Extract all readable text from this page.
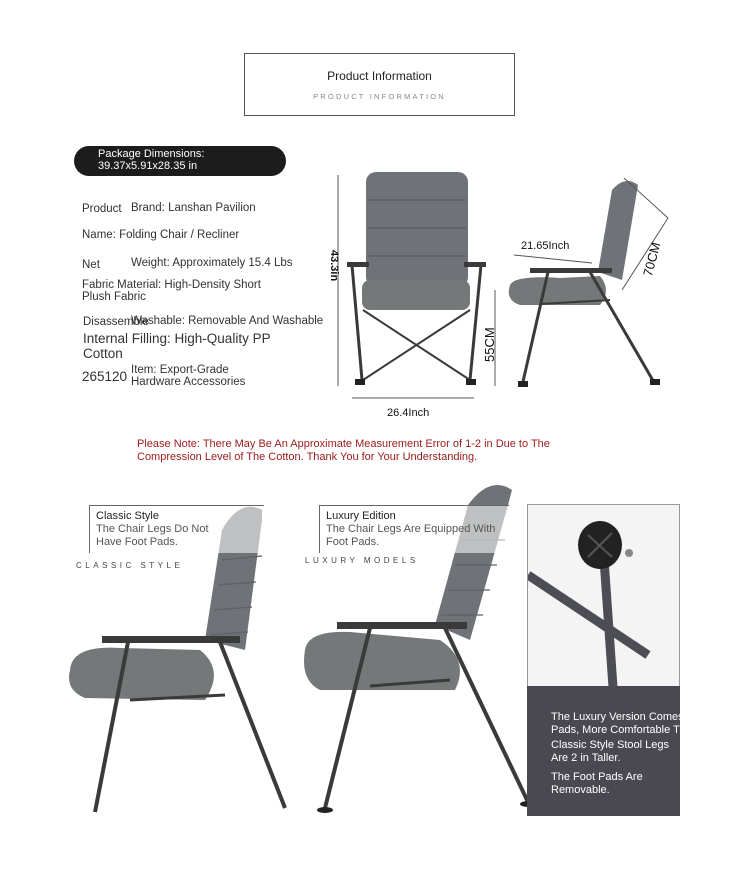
Product Information
PRODUCT INFORMATION
Package Dimensions:
39.37x5.91x28.35 in
Product Brand: Lanshan Pavilion
Name: Folding Chair / Recliner
Net	Weight: Approximately 15.4 Lbs
Fabric Material: High-Density Short Plush Fabric
Disassemble
Washable: Removable And Washable
Internal Filling: High-Quality PP Cotton
265120 Item: Export-Grade Hardware Accessories
43.3in
55CM
26.4Inch
21.65Inch	70CM
Please Note: There May Be An Approximate Measurement Error of 1-2 in Due to The Compression Level of The Cotton. Thank You for Your Understanding.
Classic Style
The Chair Legs Do Not Have Foot Pads.
CLASSIC STYLE
Luxury Edition
The Chair Legs Are Equipped With Foot Pads.
LUXURY MODELS
The Luxury Version Comes With Foot Pads, More Comfortable Than
Classic Style Stool Legs Are 2 in Taller.
The Foot Pads Are Removable.
